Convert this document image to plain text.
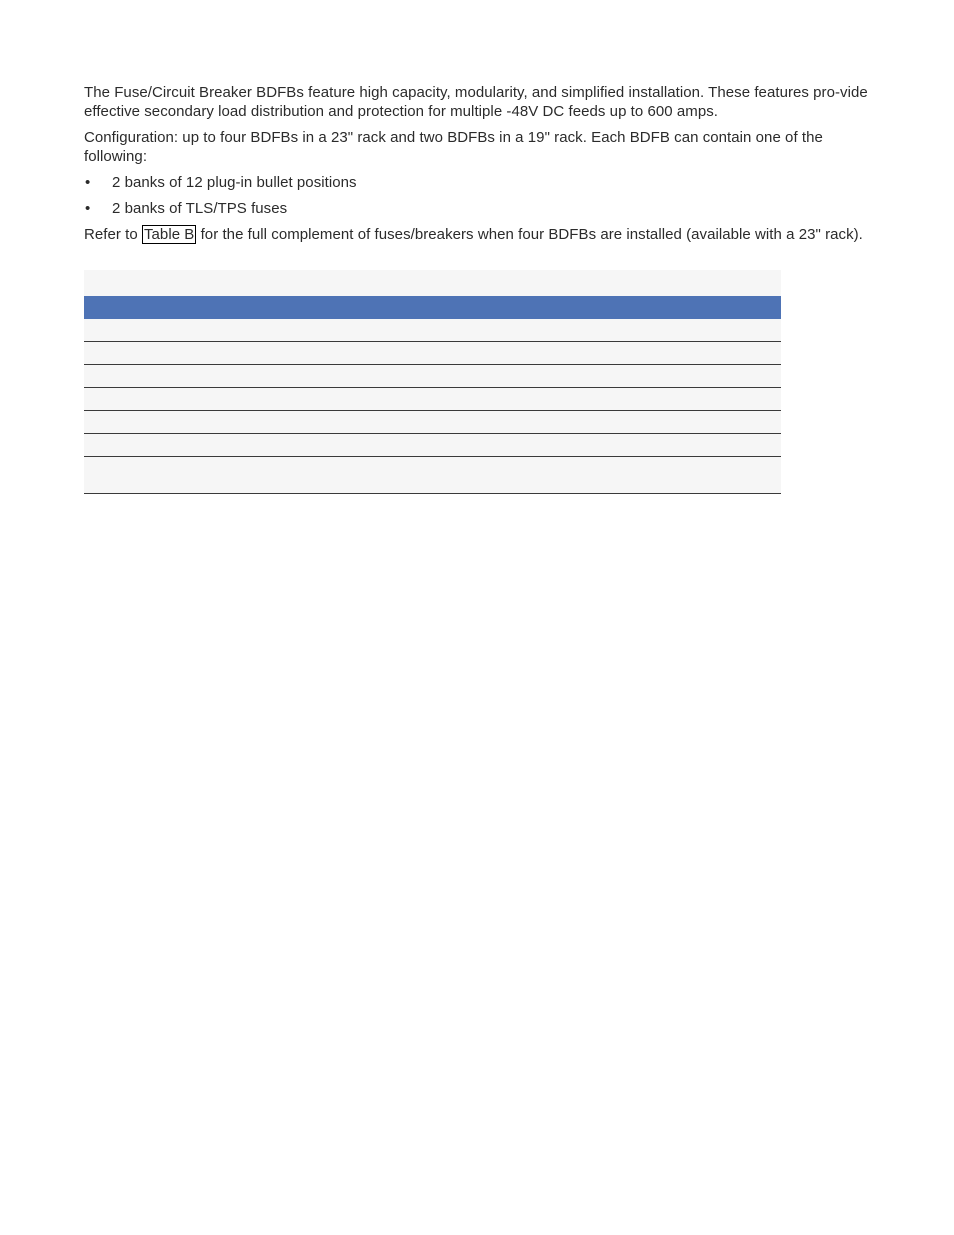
The Fuse/Circuit Breaker BDFBs feature high capacity, modularity, and simplified installation. These features pro-vide effective secondary load distribution and protection for multiple -48V DC feeds up to 600 amps.

Configuration: up to four BDFBs in a 23" rack and two BDFBs in a 19" rack. Each BDFB can contain one of the following:

• 2 banks of 12 plug-in bullet positions
• 2 banks of TLS/TPS fuses

Refer to Table B for the full complement of fuses/breakers when four BDFBs are installed (available with a 23" rack).
